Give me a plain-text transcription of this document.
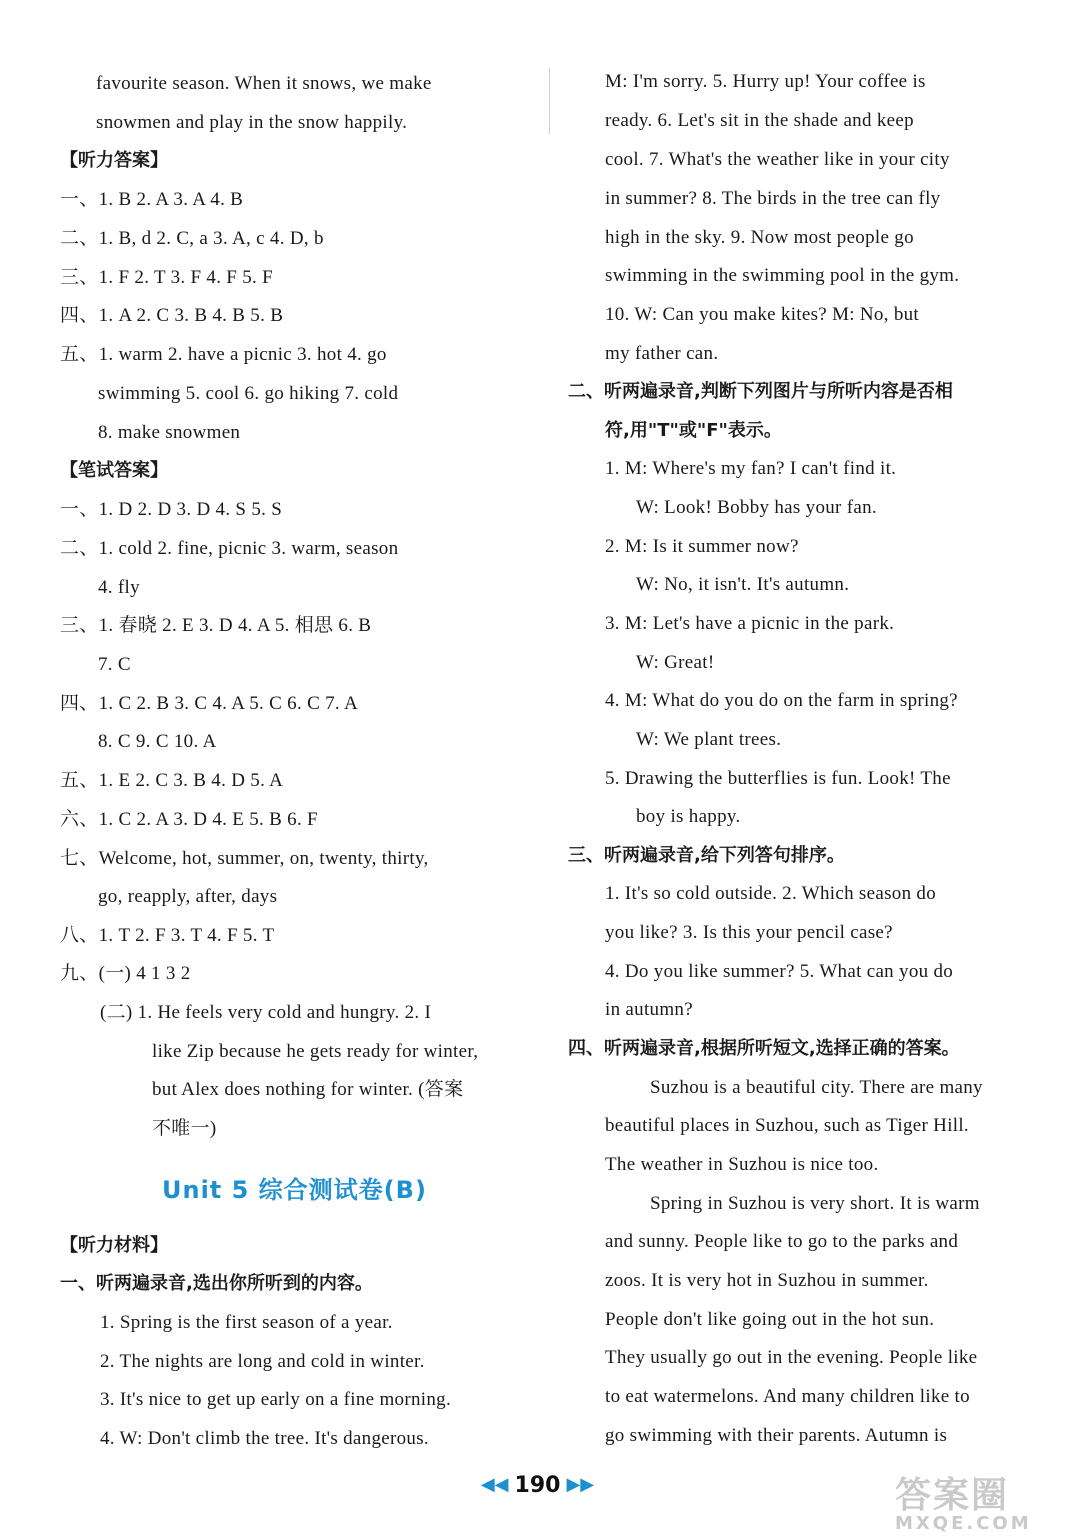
favourite season. When it snows, we make
snowmen and play in the snow happily.
【听力答案】
一、1. B 2. A 3. A 4. B
二、1. B, d 2. C, a 3. A, c 4. D, b
三、1. F 2. T 3. F 4. F 5. F
四、1. A 2. C 3. B 4. B 5. B
五、1. warm 2. have a picnic 3. hot 4. go
swimming 5. cool 6. go hiking 7. cold
8. make snowmen
【笔试答案】
一、1. D 2. D 3. D 4. S 5. S
二、1. cold 2. fine, picnic 3. warm, season
4. fly
三、1. 春晓 2. E 3. D 4. A 5. 相思 6. B
7. C
四、1. C 2. B 3. C 4. A 5. C 6. C 7. A
8. C 9. C 10. A
五、1. E 2. C 3. B 4. D 5. A
六、1. C 2. A 3. D 4. E 5. B 6. F
七、Welcome, hot, summer, on, twenty, thirty,
go, reapply, after, days
八、1. T 2. F 3. T 4. F 5. T
九、(一) 4 1 3 2
(二) 1. He feels very cold and hungry. 2. I
like Zip because he gets ready for winter,
but Alex does nothing for winter. (答案
不唯一)
【听力材料】
一、听两遍录音,选出你所听到的内容。
1. Spring is the first season of a year.
2. The nights are long and cold in winter.
3. It's nice to get up early on a fine morning.
4. W: Don't climb the tree. It's dangerous.
M: I'm sorry. 5. Hurry up! Your coffee is
ready. 6. Let's sit in the shade and keep
cool. 7. What's the weather like in your city
in summer? 8. The birds in the tree can fly
high in the sky. 9. Now most people go
swimming in the swimming pool in the gym.
10. W: Can you make kites? M: No, but
my father can.
二、听两遍录音,判断下列图片与所听内容是否相
符,用"T"或"F"表示。
1. M: Where's my fan? I can't find it.
W: Look! Bobby has your fan.
2. M: Is it summer now?
W: No, it isn't. It's autumn.
3. M: Let's have a picnic in the park.
W: Great!
4. M: What do you do on the farm in spring?
W: We plant trees.
5. Drawing the butterflies is fun. Look! The
boy is happy.
三、听两遍录音,给下列答句排序。
1. It's so cold outside. 2. Which season do
you like? 3. Is this your pencil case?
4. Do you like summer? 5. What can you do
in autumn?
四、听两遍录音,根据所听短文,选择正确的答案。
Suzhou is a beautiful city. There are many
beautiful places in Suzhou, such as Tiger Hill.
The weather in Suzhou is nice too.
Spring in Suzhou is very short. It is warm
and sunny. People like to go to the parks and
zoos. It is very hot in Suzhou in summer.
People don't like going out in the hot sun.
They usually go out in the evening. People like
to eat watermelons. And many children like to
go swimming with their parents. Autumn is
Unit 5 综合测试卷(B)
◀◀ 190 ▶▶	答案圈
MXQE.COM
